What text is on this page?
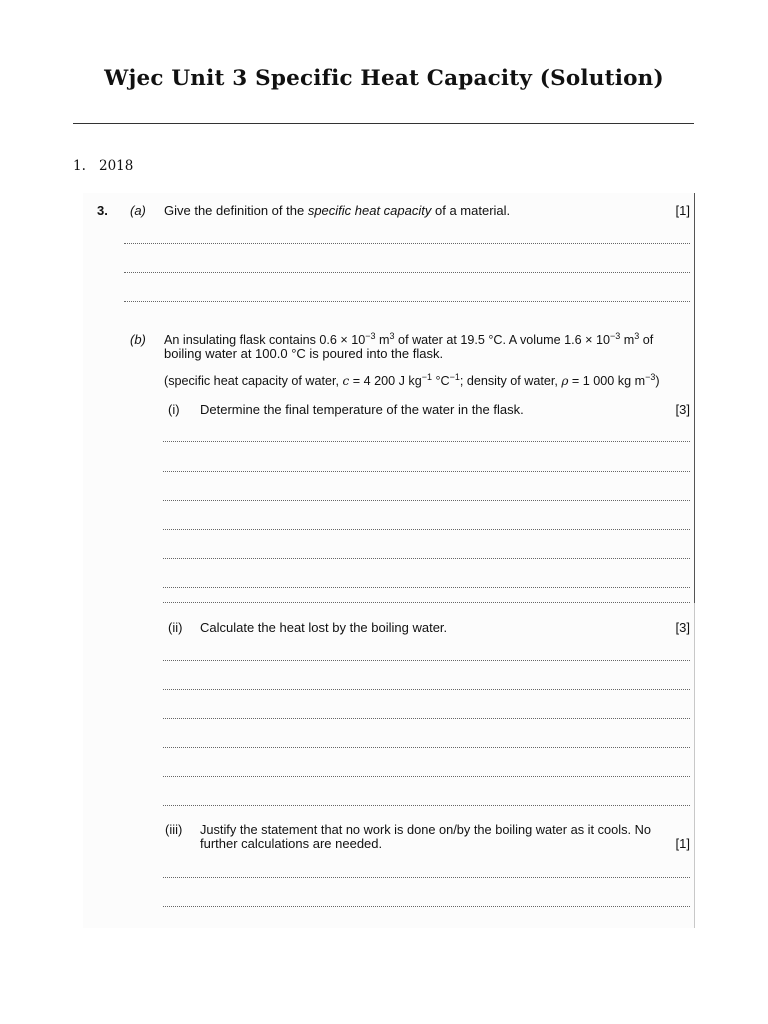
Wjec Unit 3 Specific Heat Capacity (Solution)
1. 2018
3. (a) Give the definition of the specific heat capacity of a material.	[1]
(b) An insulating flask contains $0.6 \times 10^{-3}$ $m^3$ of water at 19.5 °C. A volume $1.6 \times 10^{-3}$ $m^3$ of
boiling water at 100.0 °C is poured into the flask.
(specific heat capacity of water, c = 4 200 J $kg^{-1}$ $^\circ C^{-1}$; density of water, ρ = 1 000 kg $m^{-3}$)
(i) Determine the final temperature of the water in the flask.	[3]
(ii) Calculate the heat lost by the boiling water.	[3]
(iii) Justify the statement that no work is done on/by the boiling water as it cools. No
further calculations are needed.	[1]
